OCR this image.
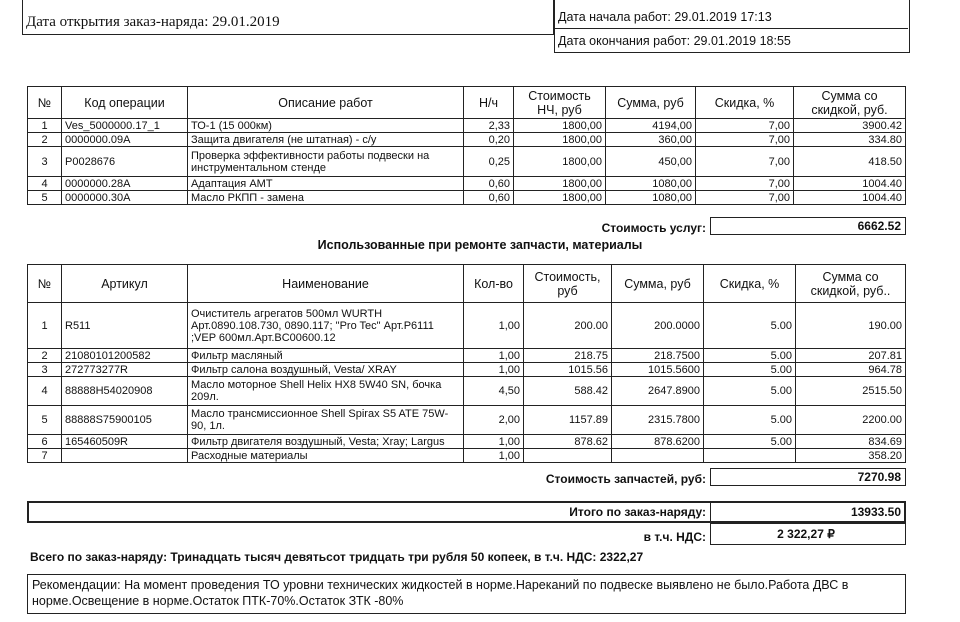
Дата открытия заказ-наряда: 29.01.2019	Дата начала работ: 29.01.2019 17:13
Дата окончания работ: 29.01.2019 18:55
№	Код операции	Описание работ	Н/ч	Стоимость НЧ, руб	Сумма, руб	Скидка, %	Сумма со скидкой, руб.
1	Ves_5000000.17_1	ТО-1 (15 000км)	2,33	1800,00	4194,00	7,00	3900.42
2	0000000.09A	Защита двигателя (не штатная) - с/у	0,20	1800,00	360,00	7,00	334.80
3	P0028676	Проверка эффективности работы подвески на инструментальном стенде	0,25	1800,00	450,00	7,00	418.50
4	0000000.28A	Адаптация АМТ	0,60	1800,00	1080,00	7,00	1004.40
5	0000000.30A	Масло РКПП - замена	0,60	1800,00	1080,00	7,00	1004.40
Стоимость услуг:	6662.52
Использованные при ремонте запчасти, материалы
№	Артикул	Наименование	Кол-во	Стоимость, руб	Сумма, руб	Скидка, %	Сумма со скидкой, руб..
1	R511	Очиститель агрегатов 500мл WURTH Арт.0890.108.730, 0890.117; "Pro Tec" Арт.P6111 ;VEP 600мл.Арт.BC00600.12	1,00	200.00	200.0000	5.00	190.00
2	21080101200582	Фильтр масляный	1,00	218.75	218.7500	5.00	207.81
3	272773277R	Фильтр салона воздушный, Vesta/ XRAY	1,00	1015.56	1015.5600	5.00	964.78
4	88888H54020908	Масло моторное Shell Helix HX8 5W40 SN, бочка 209л.	4,50	588.42	2647.8900	5.00	2515.50
5	88888S75900105	Масло трансмиссионное Shell Spirax S5 ATE 75W-90, 1л.	2,00	1157.89	2315.7800	5.00	2200.00
6	165460509R	Фильтр двигателя воздушный, Vesta; Xray; Largus	1,00	878.62	878.6200	5.00	834.69
7		Расходные материалы	1,00				358.20
Стоимость запчастей, руб:	7270.98
Итого по заказ-наряду:	13933.50
в т.ч. НДС:	2 322,27 ₽
Всего по заказ-наряду: Тринадцать тысяч девятьсот тридцать три рубля 50 копеек, в т.ч. НДС: 2322,27
Рекомендации: На момент проведения ТО уровни технических жидкостей в норме.Нареканий по подвеске выявлено не было.Работа ДВС в норме.Освещение в норме.Остаток ПТК-70%.Остаток ЗТК -80%
